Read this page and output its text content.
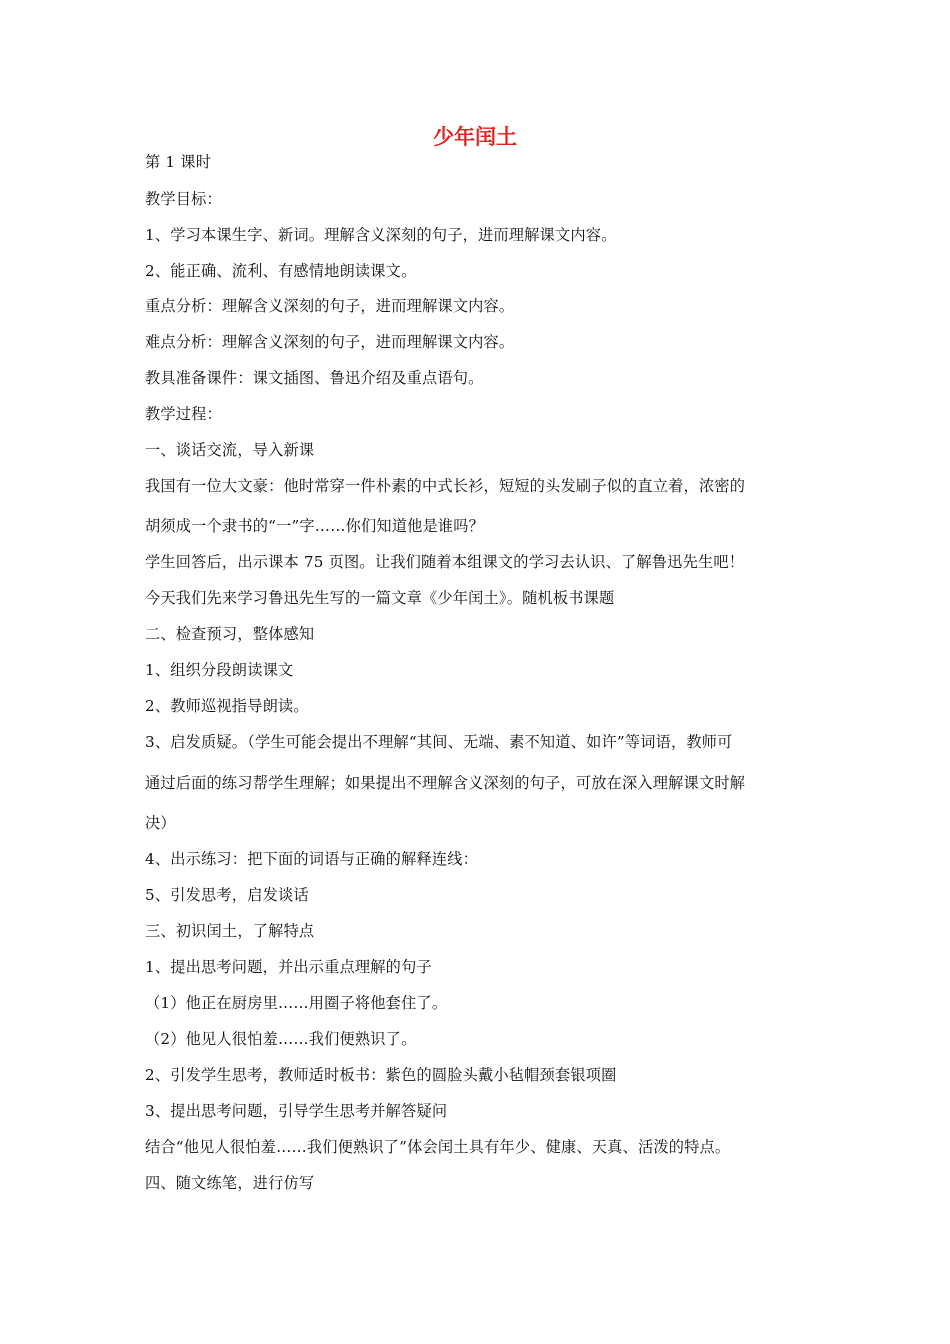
少年闰土
第 1 课时
教学目标：
1、学习本课生字、新词。理解含义深刻的句子，进而理解课文内容。
2、能正确、流利、有感情地朗读课文。
重点分析：理解含义深刻的句子，进而理解课文内容。
难点分析：理解含义深刻的句子，进而理解课文内容。
教具准备课件：课文插图、鲁迅介绍及重点语句。
教学过程：
一、谈话交流，导入新课
我国有一位大文豪：他时常穿一件朴素的中式长衫，短短的头发刷子似的直立着，浓密的
胡须成一个隶书的“一”字……你们知道他是谁吗？
学生回答后，出示课本 75 页图。让我们随着本组课文的学习去认识、了解鲁迅先生吧！
今天我们先来学习鲁迅先生写的一篇文章《少年闰土》。随机板书课题
二、检查预习，整体感知
1、组织分段朗读课文
2、教师巡视指导朗读。
3、启发质疑。（学生可能会提出不理解“其间、无端、素不知道、如许”等词语，教师可
通过后面的练习帮学生理解；如果提出不理解含义深刻的句子，可放在深入理解课文时解
决）
4、出示练习：把下面的词语与正确的解释连线：
5、引发思考，启发谈话
三、初识闰土，了解特点
1、提出思考问题，并出示重点理解的句子
（1）他正在厨房里……用圈子将他套住了。
（2）他见人很怕羞……我们便熟识了。
2、引发学生思考，教师适时板书：紫色的圆脸头戴小毡帽颈套银项圈
3、提出思考问题，引导学生思考并解答疑问
结合“他见人很怕羞……我们便熟识了”体会闰土具有年少、健康、天真、活泼的特点。
四、随文练笔，进行仿写
